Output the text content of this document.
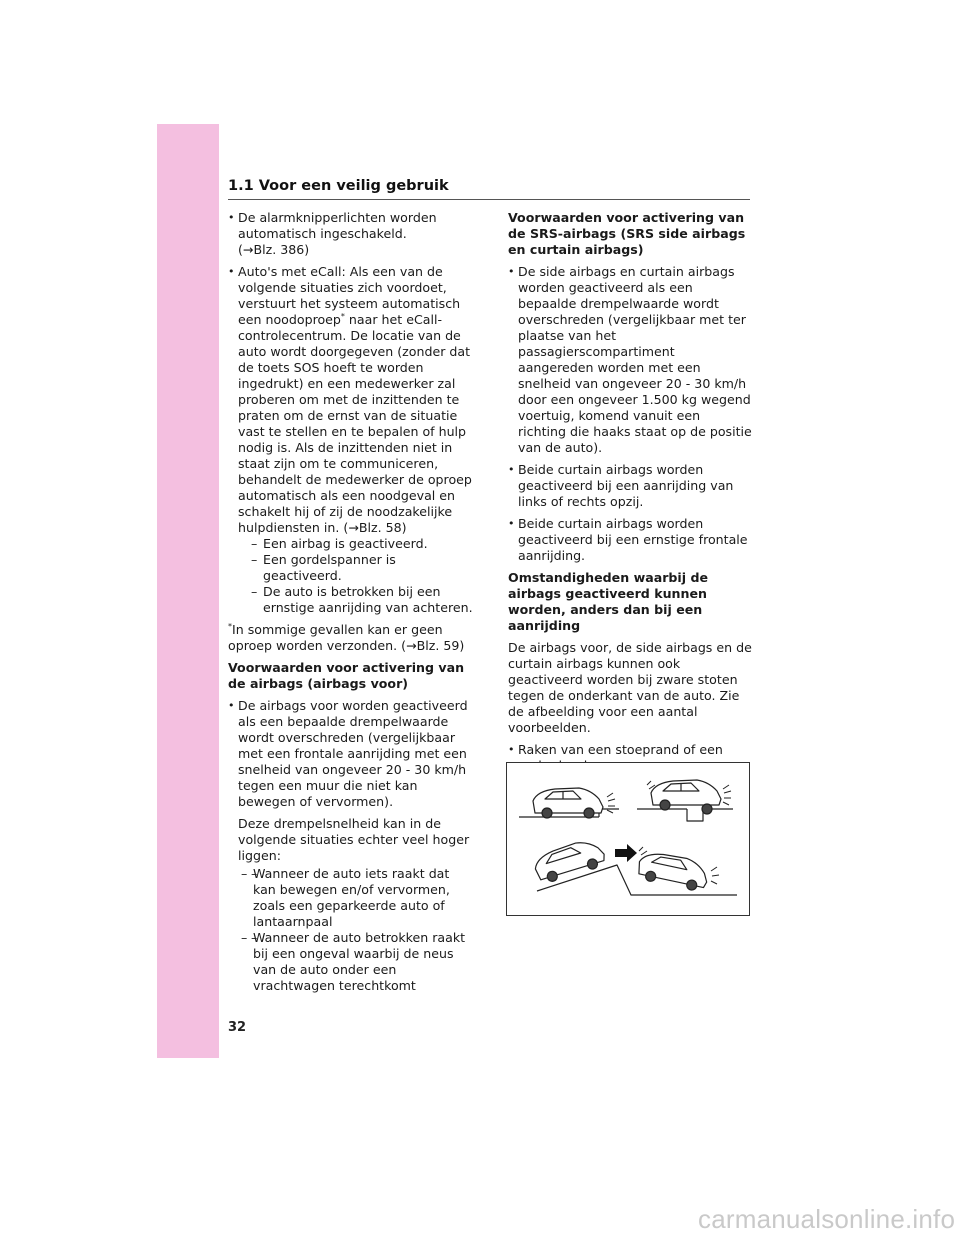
1.1 Voor een veilig gebruik
• De alarmknipperlichten worden
automatisch ingeschakeld.
(→Blz. 386)
• Auto's met eCall: Als een van de volgende situaties zich voordoet, verstuurt het systeem automatisch een noodoproep* naar het eCall-controlecentrum. De locatie van de auto wordt doorgegeven (zonder dat de toets SOS hoeft te worden ingedrukt) en een medewerker zal proberen om met de inzittenden te praten om de ernst van de situatie vast te stellen en te bepalen of hulp nodig is. Als de inzittenden niet in staat zijn om te communiceren, behandelt de medewerker de oproep automatisch als een noodgeval en schakelt hij of zij de noodzakelijke hulpdiensten in. (→Blz. 58)
– Een airbag is geactiveerd.
– Een gordelspanner is geactiveerd.
– De auto is betrokken bij een ernstige aanrijding van achteren.
*In sommige gevallen kan er geen oproep worden verzonden. (→Blz. 59)
Voorwaarden voor activering van de airbags (airbags voor)
• De airbags voor worden geactiveerd als een bepaalde drempelwaarde wordt overschreden (vergelijkbaar met een frontale aanrijding met een snelheid van ongeveer 20 - 30 km/h tegen een muur die niet kan bewegen of vervormen).
Deze drempelsnelheid kan in de volgende situaties echter veel hoger liggen:
– – Wanneer de auto iets raakt dat kan bewegen en/of vervormen, zoals een geparkeerde auto of lantaarnpaal
– – Wanneer de auto betrokken raakt bij een ongeval waarbij de neus van de auto onder een vrachtwagen terechtkomt
Voorwaarden voor activering van de SRS-airbags (SRS side airbags en curtain airbags)
• De side airbags en curtain airbags worden geactiveerd als een bepaalde drempelwaarde wordt overschreden (vergelijkbaar met ter plaatse van het passagierscompartiment aangereden worden met een snelheid van ongeveer 20 - 30 km/h door een ongeveer 1.500 kg wegend voertuig, komend vanuit een richting die haaks staat op de positie van de auto).
• Beide curtain airbags worden geactiveerd bij een aanrijding van links of rechts opzij.
• Beide curtain airbags worden geactiveerd bij een ernstige frontale aanrijding.
Omstandigheden waarbij de airbags geactiveerd kunnen worden, anders dan bij een aanrijding
De airbags voor, de side airbags en de curtain airbags kunnen ook geactiveerd worden bij zware stoten tegen de onderkant van de auto. Zie de afbeelding voor een aantal voorbeelden.
• Raken van een stoeprand of een
•
•
32
carmanualsonline.info
